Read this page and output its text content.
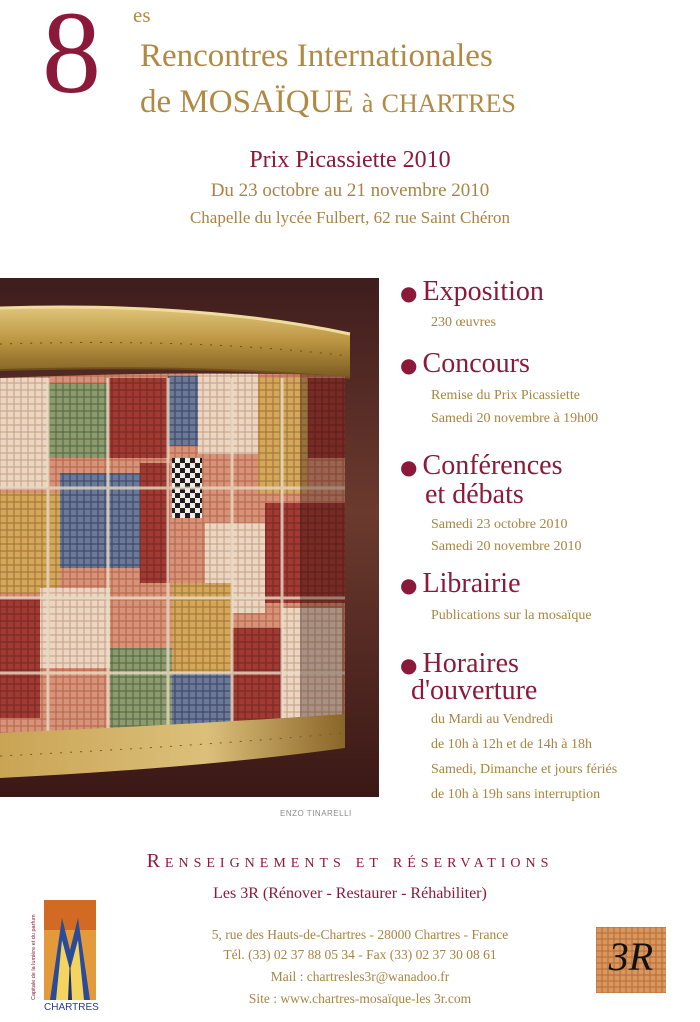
8 es
Rencontres Internationales
de MOSAÏQUE à CHARTRES
Prix Picassiette 2010
Du 23 octobre au 21 novembre 2010
Chapelle du lycée Fulbert, 62 rue Saint Chéron
ENZO TINARELLI
● Exposition
230 œuvres
● Concours
Remise du Prix Picassiette
Samedi 20 novembre à 19h00
● Conférences
et débats
Samedi 23 octobre 2010
Samedi 20 novembre 2010
● Librairie
Publications sur la mosaïque
● Horaires
d'ouverture
du Mardi au Vendredi
de 10h à 12h et de 14h à 18h
Samedi, Dimanche et jours fériés
de 10h à 19h sans interruption
Renseignements et réservations
Les 3R (Rénover - Restaurer - Réhabiliter)
5, rue des Hauts-de-Chartres - 28000 Chartres - France
Tél. (33) 02 37 88 05 34 - Fax (33) 02 37 30 08 61
Mail : chartresles3r@wanadoo.fr
Site : www.chartres-mosaïque-les 3r.com
Capitale de la lumière et du parfum
CHARTRES
3R
